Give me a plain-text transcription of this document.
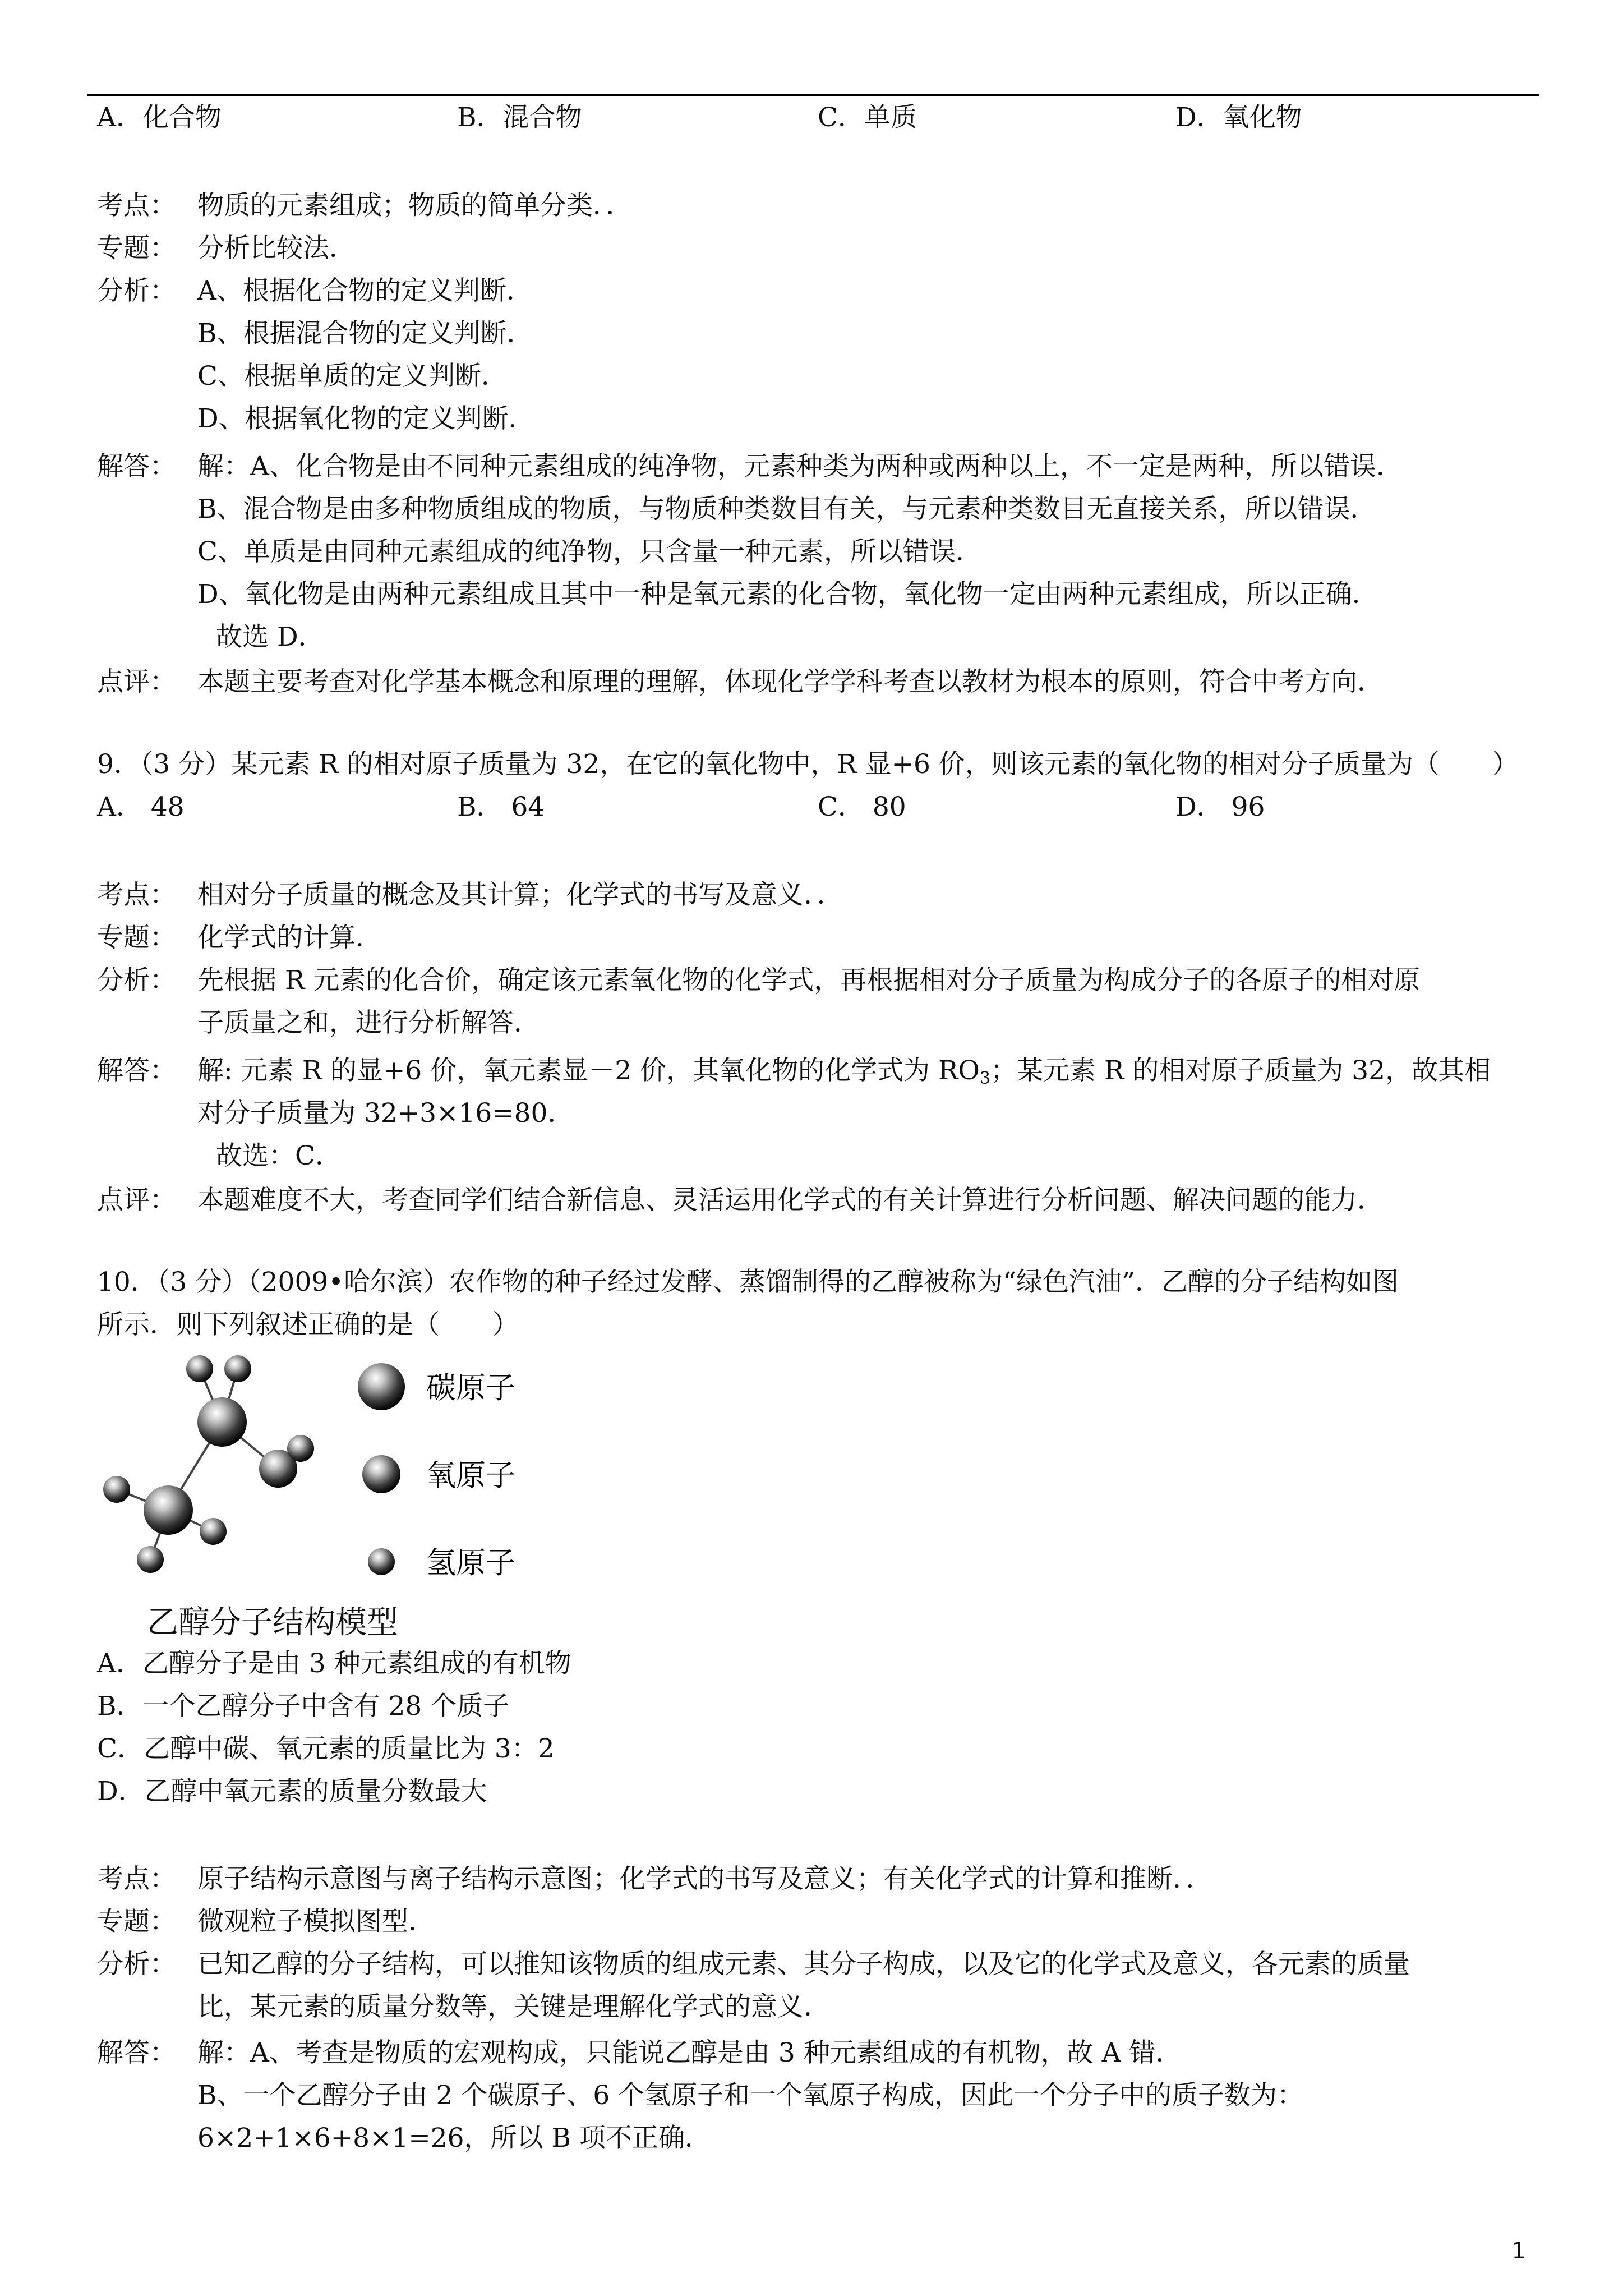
A．化合物	B．混合物	C．单质	D．氧化物
考点： 物质的元素组成；物质的简单分类．．
专题： 分析比较法．
分析： A、根据化合物的定义判断．
B、根据混合物的定义判断．
C、根据单质的定义判断．
D、根据氧化物的定义判断．
解答： 解：A、化合物是由不同种元素组成的纯净物，元素种类为两种或两种以上，不一定是两种，所以错误．
B、混合物是由多种物质组成的物质，与物质种类数目有关，与元素种类数目无直接关系，所以错误．
C、单质是由同种元素组成的纯净物，只含量一种元素，所以错误．
D、氧化物是由两种元素组成且其中一种是氧元素的化合物，氧化物一定由两种元素组成，所以正确．
故选 D．
点评： 本题主要考查对化学基本概念和原理的理解，体现化学学科考查以教材为根本的原则，符合中考方向．
9．（3 分）某元素 R 的相对原子质量为 32，在它的氧化物中，R 显+6 价，则该元素的氧化物的相对分子质量为（　　）
A． 48	B． 64	C． 80	D． 96
考点： 相对分子质量的概念及其计算；化学式的书写及意义．．
专题： 化学式的计算．
分析： 先根据 R 元素的化合价，确定该元素氧化物的化学式，再根据相对分子质量为构成分子的各原子的相对原
子质量之和，进行分析解答．
解答： 解: 元素 R 的显+6 价，氧元素显－2 价，其氧化物的化学式为 $RO_3$；某元素 R 的相对原子质量为 32，故其相
对分子质量为 32+3×16=80．
故选：C．
点评： 本题难度不大，考查同学们结合新信息、灵活运用化学式的有关计算进行分析问题、解决问题的能力．
10．（3 分）（2009•哈尔滨）农作物的种子经过发酵、蒸馏制得的乙醇被称为“绿色汽油”．乙醇的分子结构如图
所示．则下列叙述正确的是（　　）
碳原子
氧原子
氢原子
乙醇分子结构模型
A．乙醇分子是由 3 种元素组成的有机物
B．一个乙醇分子中含有 28 个质子
C．乙醇中碳、氧元素的质量比为 3：2
D．乙醇中氧元素的质量分数最大
考点： 原子结构示意图与离子结构示意图；化学式的书写及意义；有关化学式的计算和推断．．
专题： 微观粒子模拟图型．
分析： 已知乙醇的分子结构，可以推知该物质的组成元素、其分子构成，以及它的化学式及意义，各元素的质量
比，某元素的质量分数等，关键是理解化学式的意义．
解答： 解：A、考查是物质的宏观构成，只能说乙醇是由 3 种元素组成的有机物，故 A 错．
B、一个乙醇分子由 2 个碳原子、6 个氢原子和一个氧原子构成，因此一个分子中的质子数为：
6×2+1×6+8×1=26，所以 B 项不正确．
1
